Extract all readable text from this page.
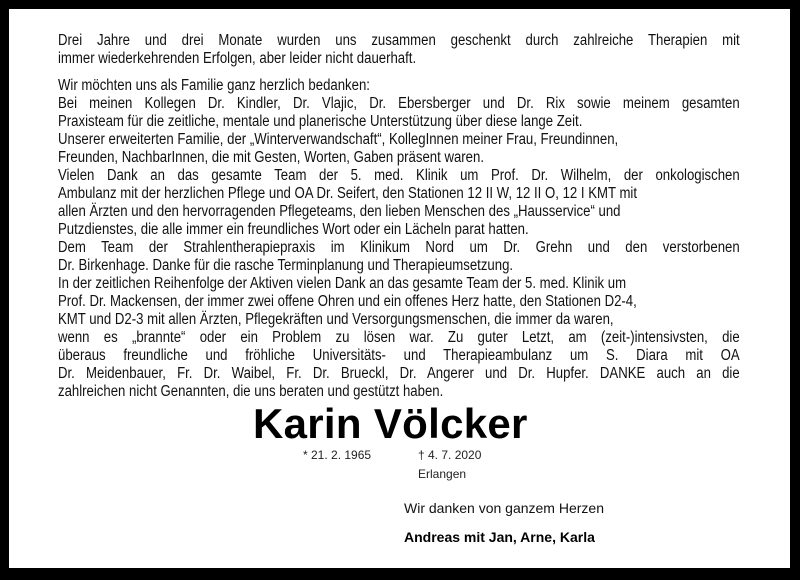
Drei Jahre und drei Monate wurden uns zusammen geschenkt durch zahlreiche Therapien mit
immer wiederkehrenden Erfolgen, aber leider nicht dauerhaft.
Wir möchten uns als Familie ganz herzlich bedanken:
Bei meinen Kollegen Dr. Kindler, Dr. Vlajic, Dr. Ebersberger und Dr. Rix sowie meinem gesamten
Praxisteam für die zeitliche, mentale und planerische Unterstützung über diese lange Zeit.
Unserer erweiterten Familie, der „Winterverwandschaft“, KollegInnen meiner Frau, Freundinnen,
Freunden, NachbarInnen, die mit Gesten, Worten, Gaben präsent waren.
Vielen Dank an das gesamte Team der 5. med. Klinik um Prof. Dr. Wilhelm, der onkologischen
Ambulanz mit der herzlichen Pflege und OA Dr. Seifert, den Stationen 12 II W, 12 II O, 12 I KMT mit
allen Ärzten und den hervorragenden Pflegeteams, den lieben Menschen des „Hausservice“ und
Putzdienstes, die alle immer ein freundliches Wort oder ein Lächeln parat hatten.
Dem Team der Strahlentherapiepraxis im Klinikum Nord um Dr. Grehn und den verstorbenen
Dr. Birkenhage. Danke für die rasche Terminplanung und Therapieumsetzung.
In der zeitlichen Reihenfolge der Aktiven vielen Dank an das gesamte Team der 5. med. Klinik um
Prof. Dr. Mackensen, der immer zwei offene Ohren und ein offenes Herz hatte, den Stationen D2-4,
KMT und D2-3 mit allen Ärzten, Pflegekräften und Versorgungsmenschen, die immer da waren,
wenn es „brannte“ oder ein Problem zu lösen war. Zu guter Letzt, am (zeit-)intensivsten, die
überaus freundliche und fröhliche Universitäts- und Therapieambulanz um S. Diara mit OA
Dr. Meidenbauer, Fr. Dr. Waibel, Fr. Dr. Brueckl, Dr. Angerer und Dr. Hupfer. DANKE auch an die
zahlreichen nicht Genannten, die uns beraten und gestützt haben.
Karin Völcker
* 21. 2. 1965	† 4. 7. 2020
Erlangen
Wir danken von ganzem Herzen
Andreas mit Jan, Arne, Karla
